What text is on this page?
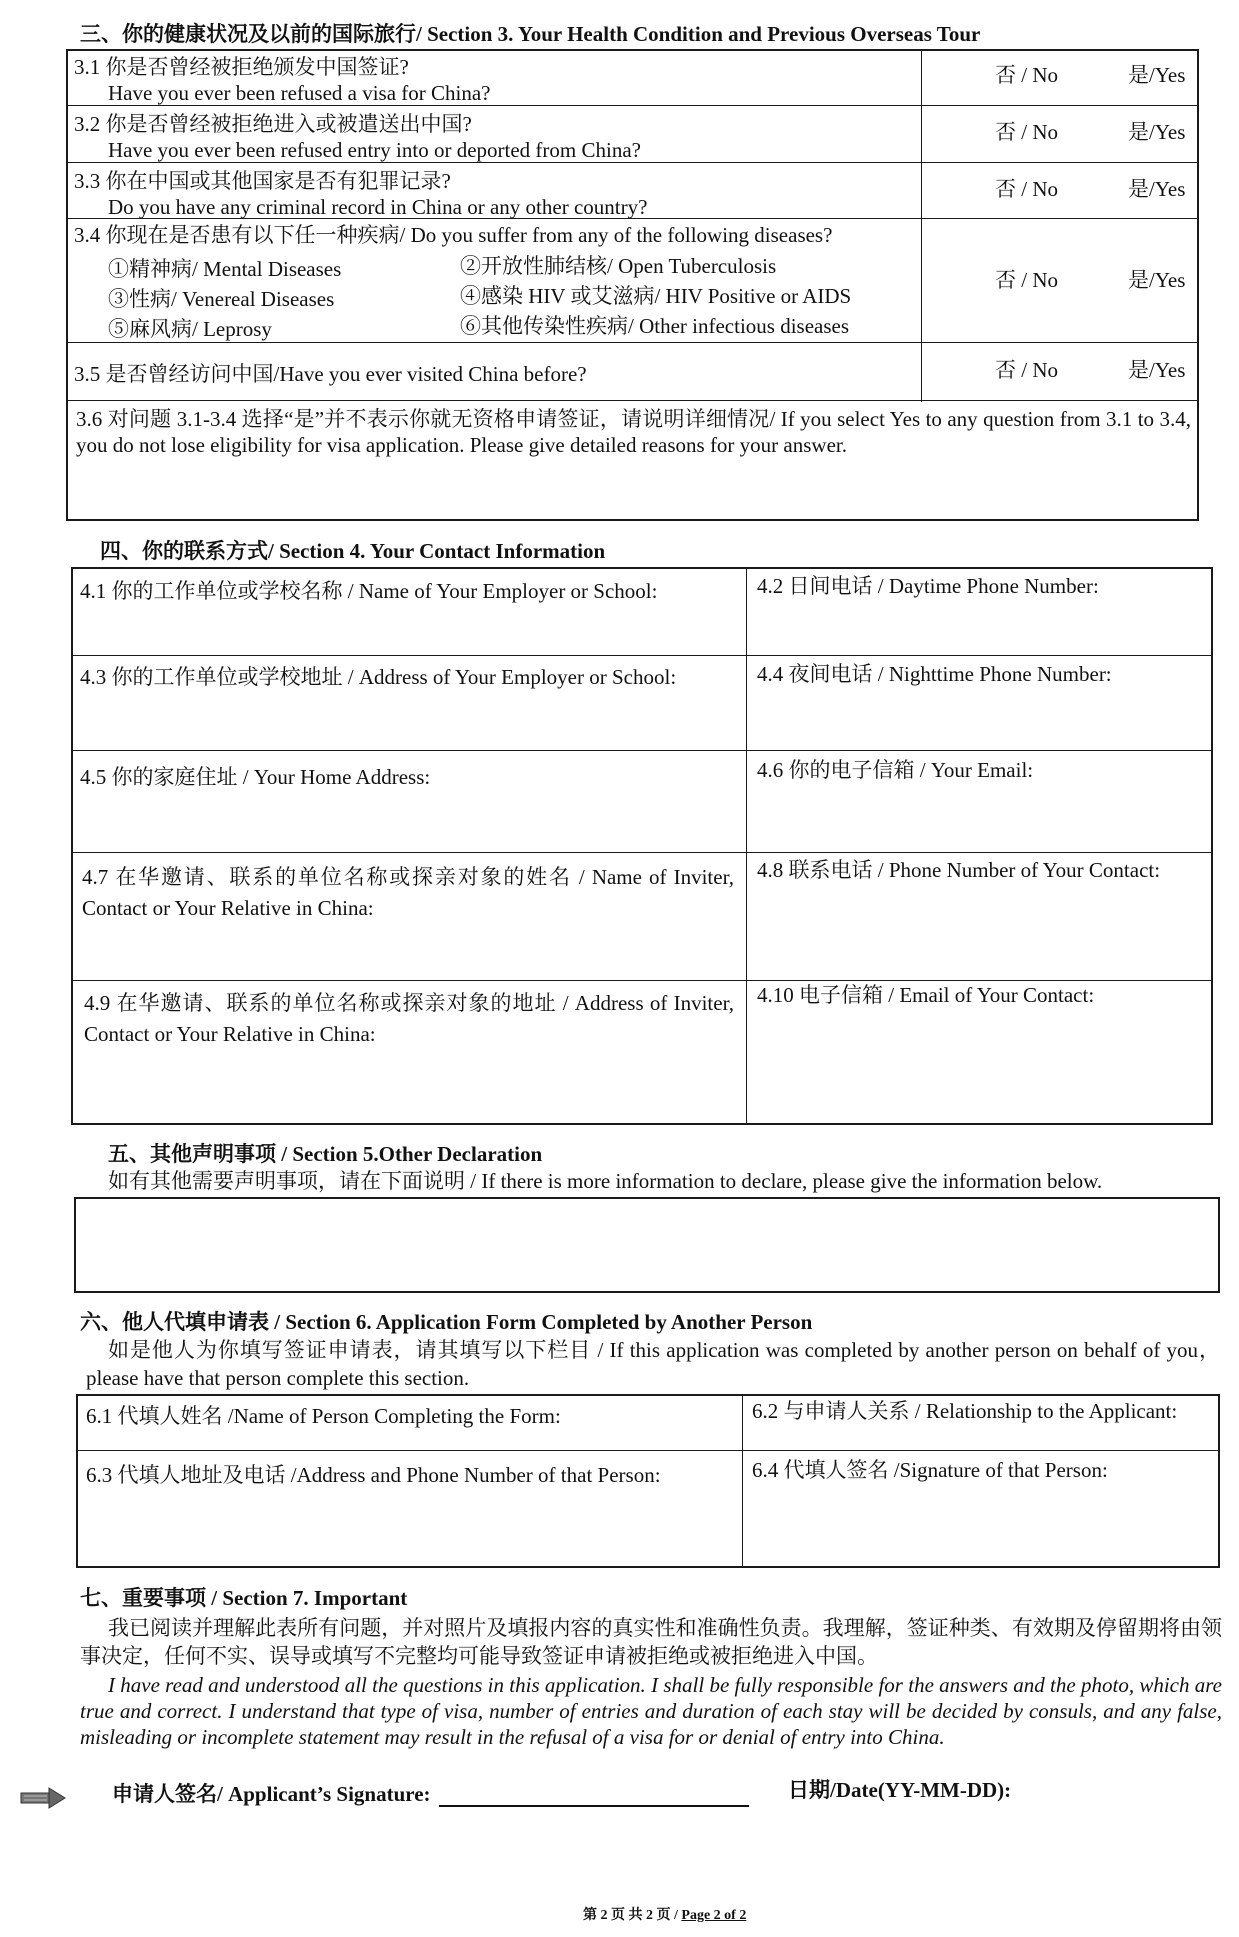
三、你的健康状况及以前的国际旅行/ Section 3. Your Health Condition and Previous Overseas Tour
3.1 你是否曾经被拒绝颁发中国签证?
Have you ever been refused a visa for China?
否 / No	是/Yes
3.2 你是否曾经被拒绝进入或被遣送出中国?
Have you ever been refused entry into or deported from China?
否 / No	是/Yes
3.3 你在中国或其他国家是否有犯罪记录?
Do you have any criminal record in China or any other country?
否 / No	是/Yes
3.4 你现在是否患有以下任一种疾病/ Do you suffer from any of the following diseases?
①精神病/ Mental Diseases	②开放性肺结核/ Open Tuberculosis
③性病/ Venereal Diseases	④感染 HIV 或艾滋病/ HIV Positive or AIDS
⑤麻风病/ Leprosy	⑥其他传染性疾病/ Other infectious diseases
否 / No	是/Yes
3.5 是否曾经访问中国/Have you ever visited China before?	否 / No	是/Yes
3.6 对问题 3.1-3.4 选择“是”并不表示你就无资格申请签证，请说明详细情况/ If you select Yes to any question from 3.1 to 3.4, you do not lose eligibility for visa application. Please give detailed reasons for your answer.
四、你的联系方式/ Section 4. Your Contact Information
4.1 你的工作单位或学校名称 / Name of Your Employer or School:	4.2 日间电话 / Daytime Phone Number:
4.3 你的工作单位或学校地址 / Address of Your Employer or School:	4.4 夜间电话 / Nighttime Phone Number:
4.5 你的家庭住址 / Your Home Address:	4.6 你的电子信箱 / Your Email:
4.7 在华邀请、联系的单位名称或探亲对象的姓名 / Name of Inviter, Contact or Your Relative in China:
4.8 联系电话 / Phone Number of Your Contact:
4.9 在华邀请、联系的单位名称或探亲对象的地址 / Address of Inviter, Contact or Your Relative in China:
4.10 电子信箱 / Email of Your Contact:
五、其他声明事项 / Section 5.Other Declaration
如有其他需要声明事项，请在下面说明 / If there is more information to declare, please give the information below.
六、他人代填申请表 / Section 6. Application Form Completed by Another Person
如是他人为你填写签证申请表，请其填写以下栏目 / If this application was completed by another person on behalf of you，please have that person complete this section.
6.1 代填人姓名 /Name of Person Completing the Form:	6.2 与申请人关系 / Relationship to the Applicant:
6.3 代填人地址及电话 /Address and Phone Number of that Person:	6.4 代填人签名 /Signature of that Person:
七、重要事项 / Section 7. Important
我已阅读并理解此表所有问题，并对照片及填报内容的真实性和准确性负责。我理解，签证种类、有效期及停留期将由领事决定，任何不实、误导或填写不完整均可能导致签证申请被拒绝或被拒绝进入中国。
I have read and understood all the questions in this application. I shall be fully responsible for the answers and the photo, which are true and correct. I understand that type of visa, number of entries and duration of each stay will be decided by consuls, and any false, misleading or incomplete statement may result in the refusal of a visa for or denial of entry into China.
申请人签名/ Applicant’s Signature:	日期/Date(YY-MM-DD):
第 2 页 共 2 页 / Page 2 of 2
